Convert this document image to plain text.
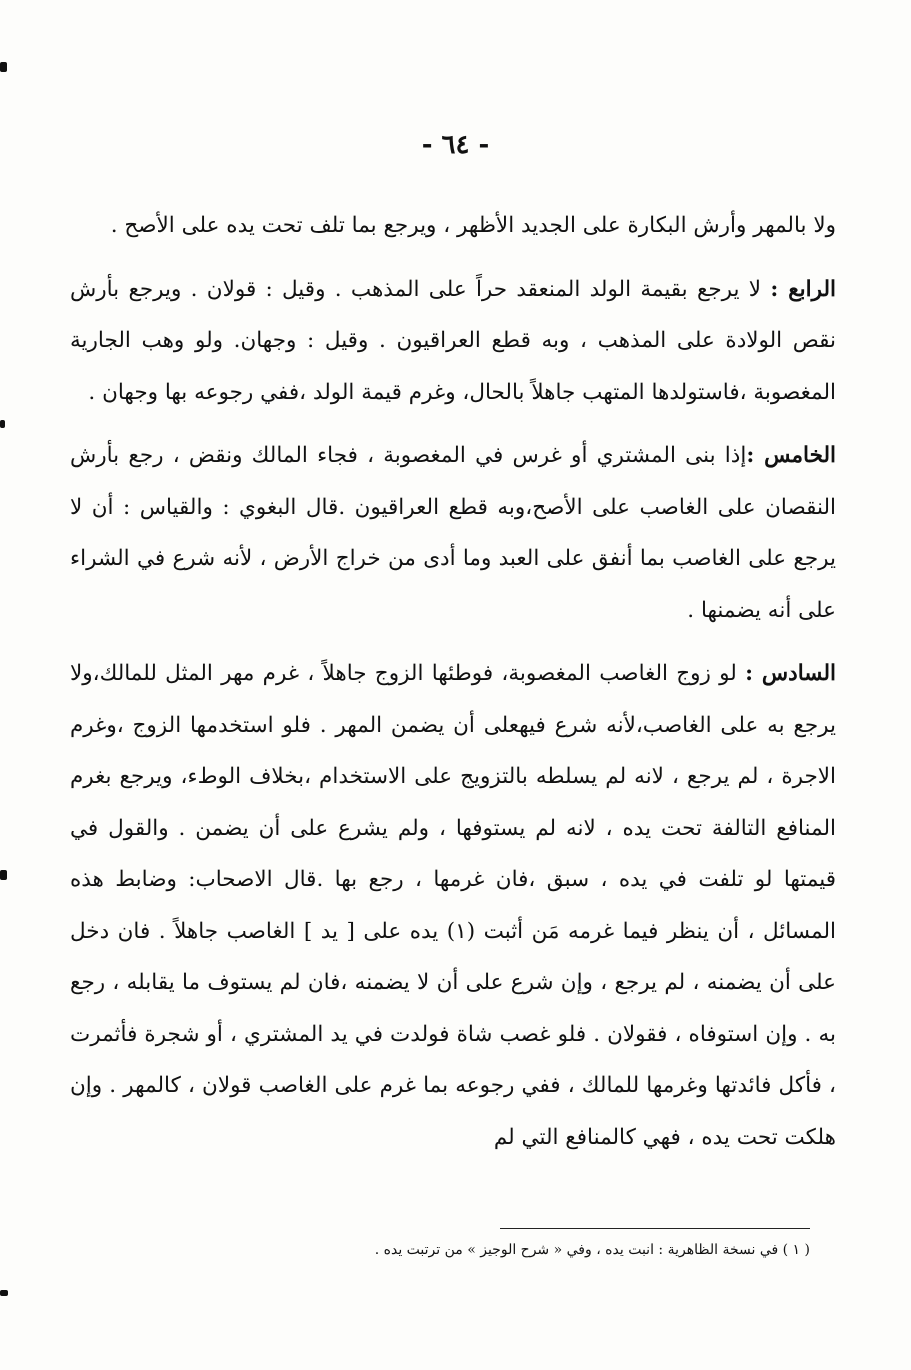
- ٦٤ -

ولا بالمهر وأرش البكارة على الجديد الأظهر ، ويرجع بما تلف تحت يده على الأصح .

الرابع : لا يرجع بقيمة الولد المنعقد حراً على المذهب . وقيل : قولان . ويرجع بأرش نقص الولادة على المذهب ، وبه قطع العراقيون . وقيل : وجهان. ولو وهب الجارية المغصوبة ،فاستولدها المتهب جاهلاً بالحال، وغرم قيمة الولد ،ففي رجوعه بها وجهان .

الخامس :إذا بنى المشتري أو غرس في المغصوبة ، فجاء المالك ونقض ، رجع بأرش النقصان على الغاصب على الأصح،وبه قطع العراقيون .قال البغوي : والقياس : أن لا يرجع على الغاصب بما أنفق على العبد وما أدى من خراج الأرض ، لأنه شرع في الشراء على أنه يضمنها .

السادس : لو زوج الغاصب المغصوبة، فوطئها الزوج جاهلاً ، غرم مهر المثل للمالك،ولا يرجع به على الغاصب،لأنه شرع فيهعلى أن يضمن المهر . فلو استخدمها الزوج ،وغرم الاجرة ، لم يرجع ، لانه لم يسلطه بالتزويج على الاستخدام ،بخلاف الوطء، ويرجع بغرم المنافع التالفة تحت يده ، لانه لم يستوفها ، ولم يشرع على أن يضمن . والقول في قيمتها لو تلفت في يده ، سبق ،فان غرمها ، رجع بها .قال الاصحاب: وضابط هذه المسائل ، أن ينظر فيما غرمه مَن أثبت (١) يده على [ يد ] الغاصب جاهلاً . فان دخل على أن يضمنه ، لم يرجع ، وإن شرع على أن لا يضمنه ،فان لم يستوف ما يقابله ، رجع به . وإن استوفاه ، فقولان . فلو غصب شاة فولدت في يد المشتري ، أو شجرة فأثمرت ، فأكل فائدتها وغرمها للمالك ، ففي رجوعه بما غرم على الغاصب قولان ، كالمهر . وإن هلكت تحت يده ، فهي كالمنافع التي لم

( ١ ) في نسخة الظاهرية : انبت يده ، وفي « شرح الوجيز » من ترتبت يده .
